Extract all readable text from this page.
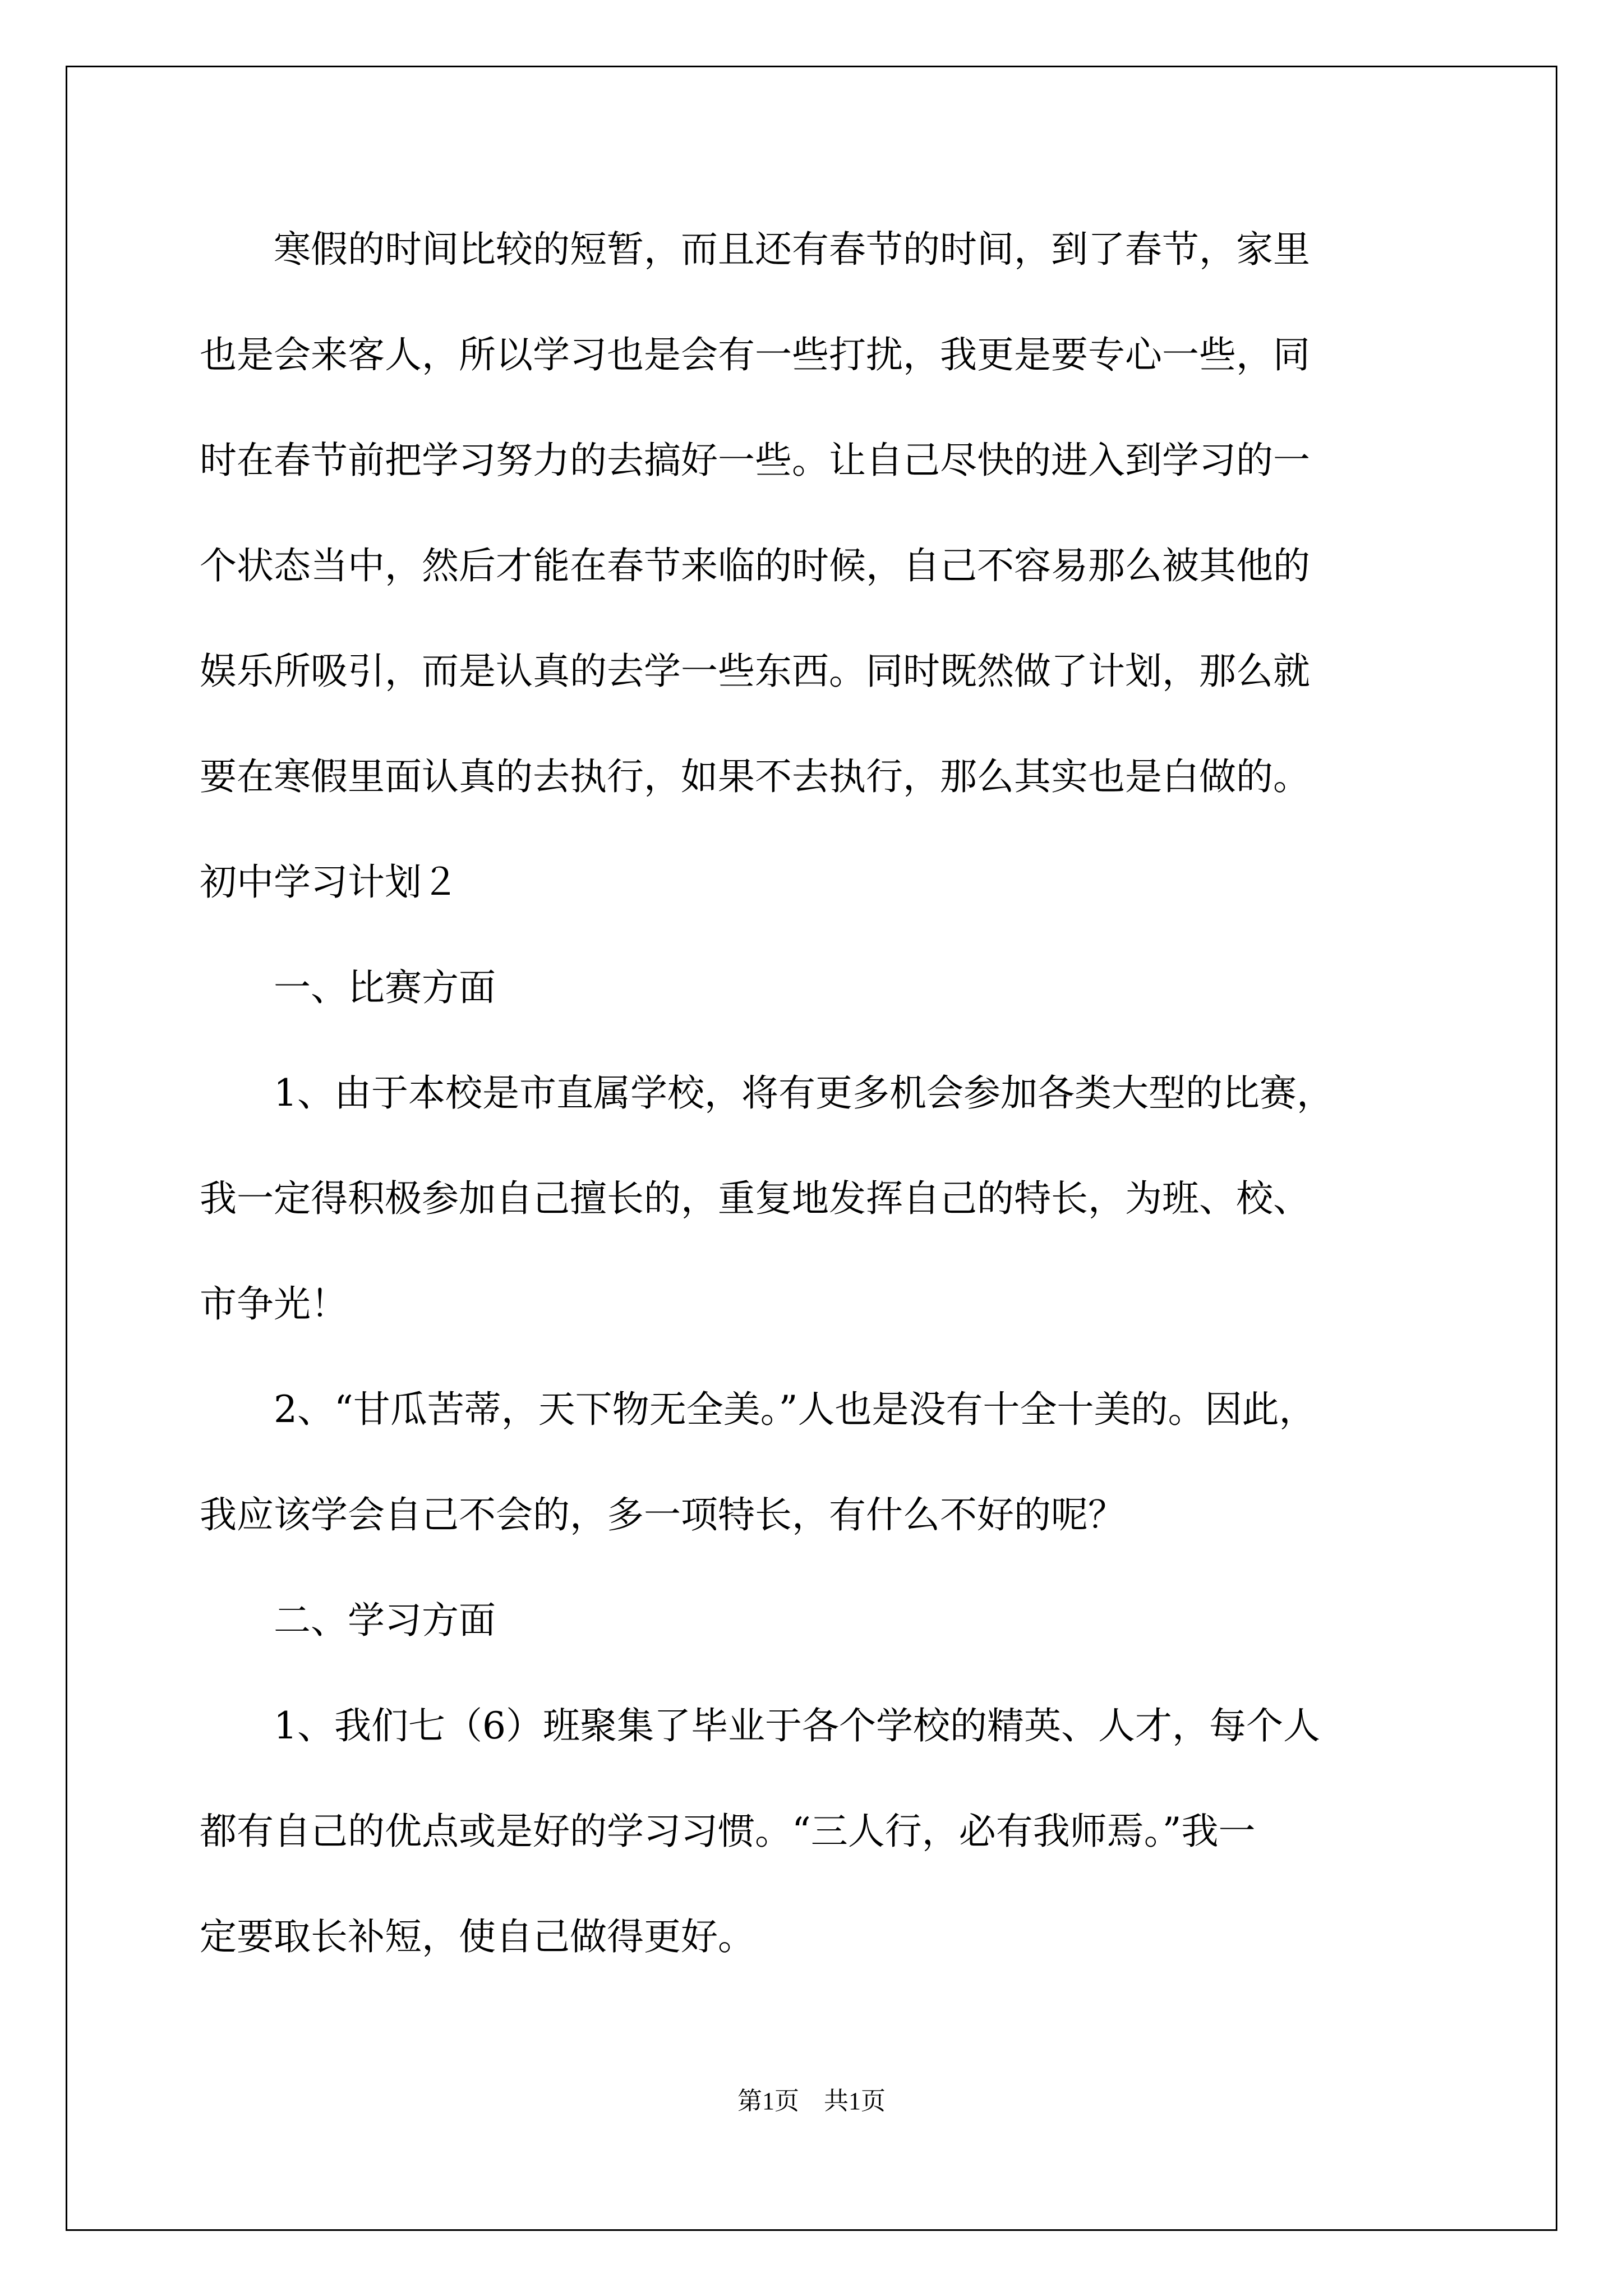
　　寒假的时间比较的短暂，而且还有春节的时间，到了春节，家里
也是会来客人，所以学习也是会有一些打扰，我更是要专心一些，同
时在春节前把学习努力的去搞好一些。让自己尽快的进入到学习的一
个状态当中，然后才能在春节来临的时候，自己不容易那么被其他的
娱乐所吸引，而是认真的去学一些东西。同时既然做了计划，那么就
要在寒假里面认真的去执行，如果不去执行，那么其实也是白做的。
初中学习计划２
　　一、比赛方面
　　1、由于本校是市直属学校，将有更多机会参加各类大型的比赛，
我一定得积极参加自己擅长的，重复地发挥自己的特长，为班、校、
市争光！
　　2、“甘瓜苦蒂，天下物无全美。”人也是没有十全十美的。因此，
我应该学会自己不会的，多一项特长，有什么不好的呢？
　　二、学习方面
　　1、我们七（6）班聚集了毕业于各个学校的精英、人才，每个人
都有自己的优点或是好的学习习惯。“三人行，必有我师焉。”我一
定要取长补短，使自己做得更好。
第1页　共1页
